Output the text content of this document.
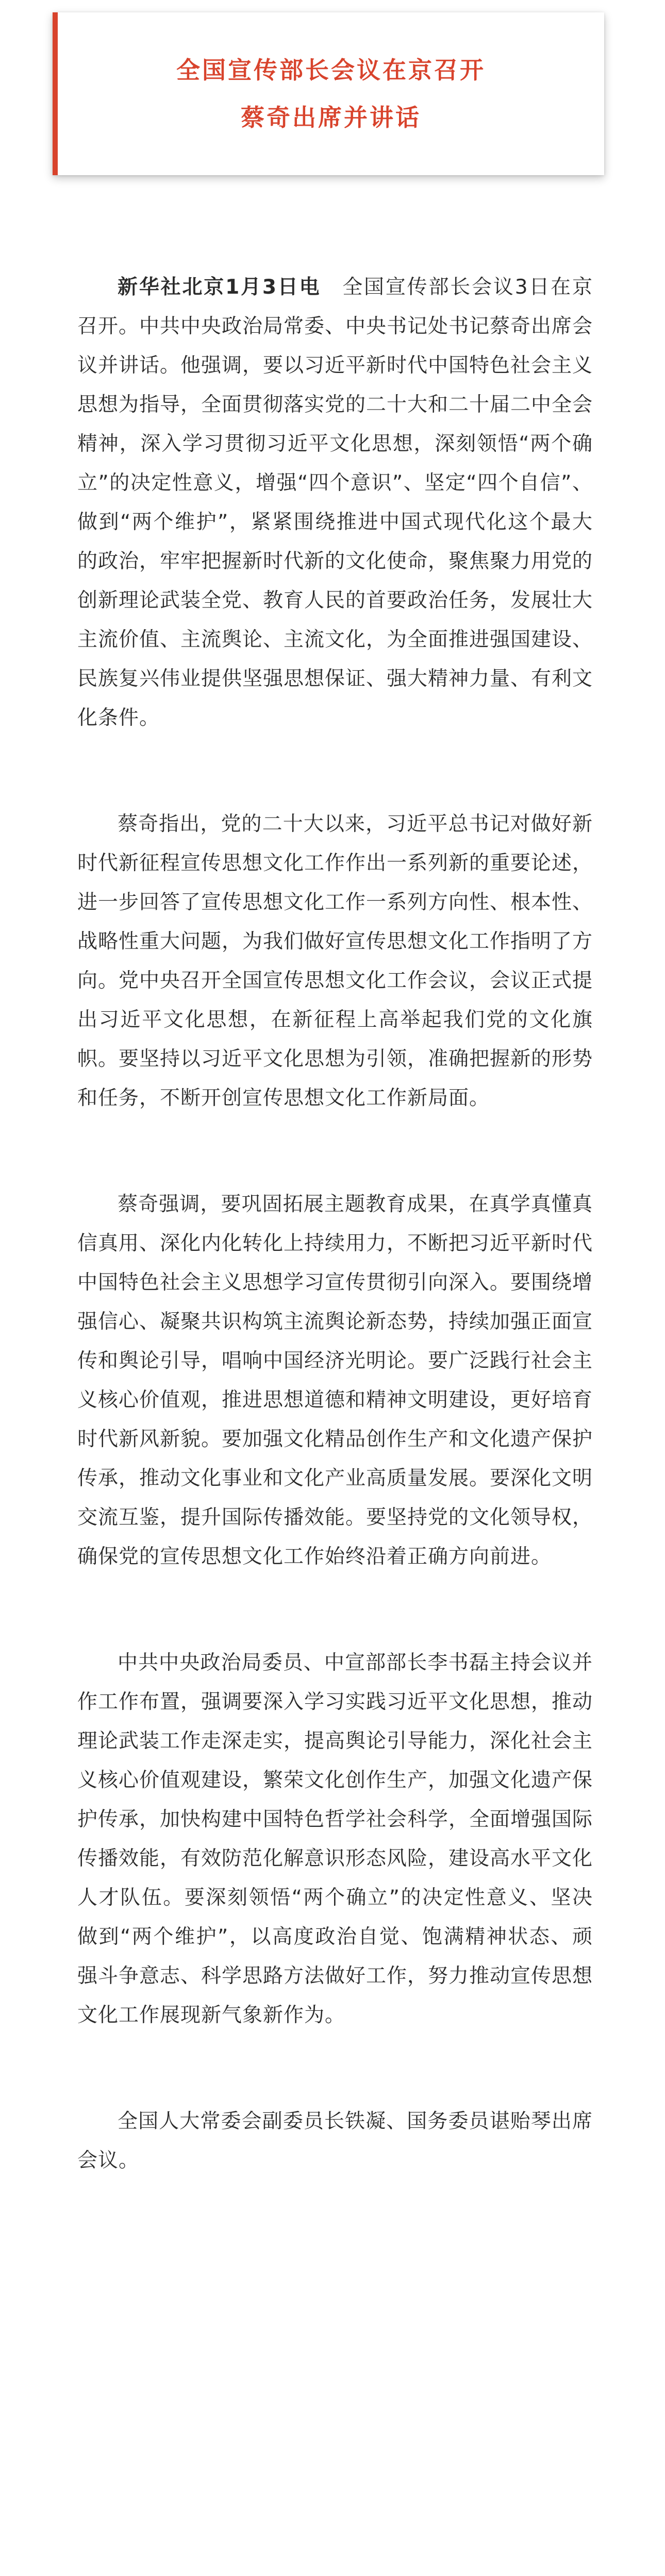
全国宣传部长会议在京召开
蔡奇出席并讲话

新华社北京1月3日电　 全国宣传部长会议3日在京召开。中共中央政治局常委、中央书记处书记蔡奇出席会议并讲话。他强调，要以习近平新时代中国特色社会主义思想为指导，全面贯彻落实党的二十大和二十届二中全会精神，深入学习贯彻习近平文化思想，深刻领悟“两个确立”的决定性意义，增强“四个意识”、坚定“四个自信”、做到“两个维护”，紧紧围绕推进中国式现代化这个最大的政治，牢牢把握新时代新的文化使命，聚焦聚力用党的创新理论武装全党、教育人民的首要政治任务，发展壮大主流价值、主流舆论、主流文化，为全面推进强国建设、民族复兴伟业提供坚强思想保证、强大精神力量、有利文化条件。

蔡奇指出，党的二十大以来，习近平总书记对做好新时代新征程宣传思想文化工作作出一系列新的重要论述，进一步回答了宣传思想文化工作一系列方向性、根本性、战略性重大问题，为我们做好宣传思想文化工作指明了方向。党中央召开全国宣传思想文化工作会议，会议正式提出习近平文化思想，在新征程上高举起我们党的文化旗帜。要坚持以习近平文化思想为引领，准确把握新的形势和任务，不断开创宣传思想文化工作新局面。

蔡奇强调，要巩固拓展主题教育成果，在真学真懂真信真用、深化内化转化上持续用力，不断把习近平新时代中国特色社会主义思想学习宣传贯彻引向深入。要围绕增强信心、凝聚共识构筑主流舆论新态势，持续加强正面宣传和舆论引导，唱响中国经济光明论。要广泛践行社会主义核心价值观，推进思想道德和精神文明建设，更好培育时代新风新貌。要加强文化精品创作生产和文化遗产保护传承，推动文化事业和文化产业高质量发展。要深化文明交流互鉴，提升国际传播效能。要坚持党的文化领导权，确保党的宣传思想文化工作始终沿着正确方向前进。

中共中央政治局委员、中宣部部长李书磊主持会议并作工作布置，强调要深入学习实践习近平文化思想，推动理论武装工作走深走实，提高舆论引导能力，深化社会主义核心价值观建设，繁荣文化创作生产，加强文化遗产保护传承，加快构建中国特色哲学社会科学，全面增强国际传播效能，有效防范化解意识形态风险，建设高水平文化人才队伍。要深刻领悟“两个确立”的决定性意义、坚决做到“两个维护”，以高度政治自觉、饱满精神状态、顽强斗争意志、科学思路方法做好工作，努力推动宣传思想文化工作展现新气象新作为。

全国人大常委会副委员长铁凝、国务委员谌贻琴出席会议。
